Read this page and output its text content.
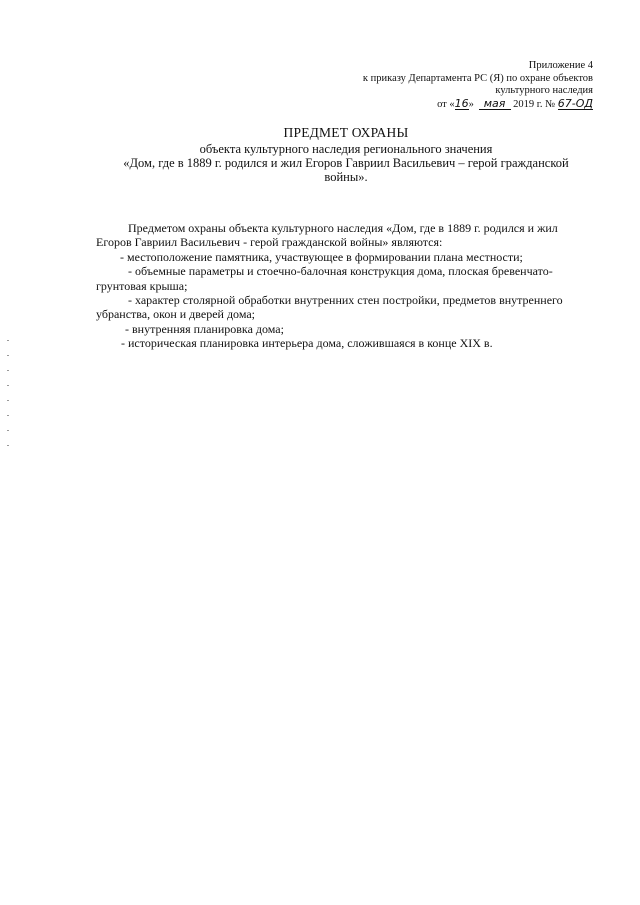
Приложение 4
к приказу Департамента РС (Я) по охране объектов
культурного наследия
от «16» мая 2019 г. № 67-ОД
ПРЕДМЕТ ОХРАНЫ
объекта культурного наследия регионального значения
«Дом, где в 1889 г. родился и жил Егоров Гавриил Васильевич – герой гражданской
войны».

Предметом охраны объекта культурного наследия «Дом, где в 1889 г. родился и жил Егоров Гавриил Васильевич - герой гражданской войны» являются:

- местоположение памятника, участвующее в формировании плана местности;

- объемные параметры и стоечно-балочная конструкция дома, плоская бревенчато-грунтовая крыша;

- характер столярной обработки внутренних стен постройки, предметов внутреннего убранства, окон и дверей дома;

- внутренняя планировка дома;

- историческая планировка интерьера дома, сложившаяся в конце XIX в.
